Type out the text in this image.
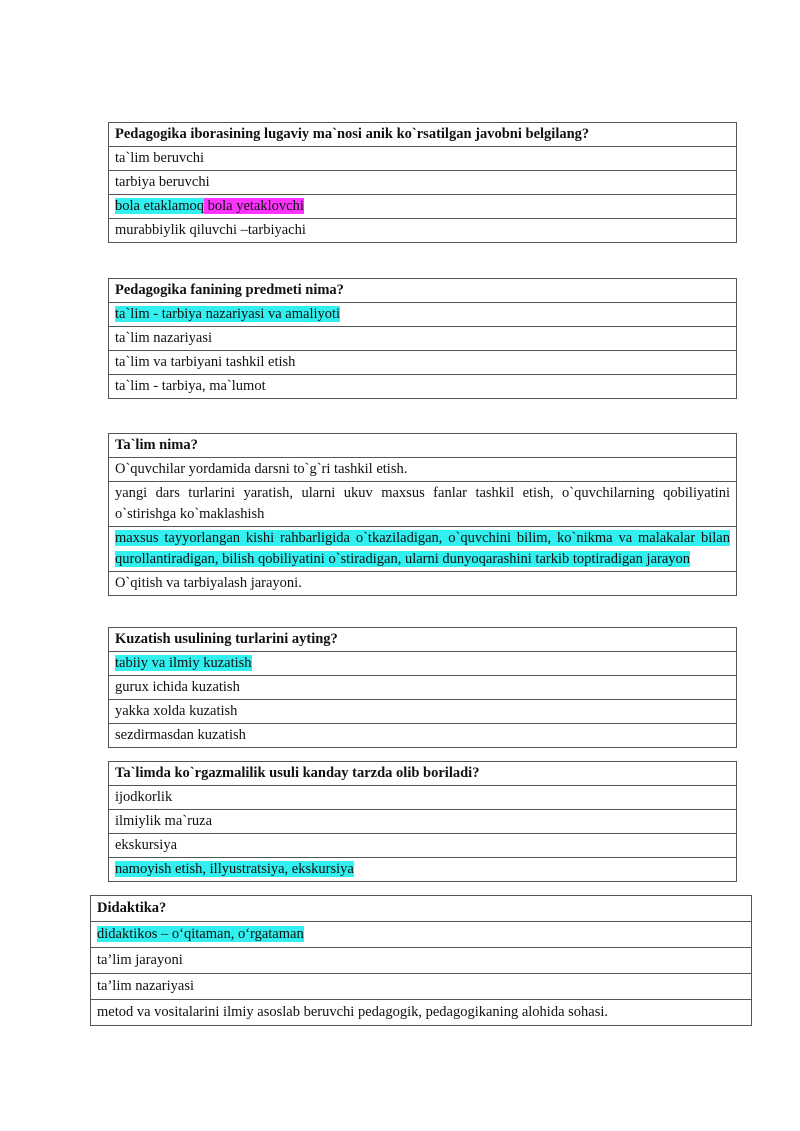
Pedagogika iborasining lugaviy ma`nosi anik ko`rsatilgan javobni belgilang?
ta`lim beruvchi
tarbiya beruvchi
bola etaklamoq bola yetaklovchi
murabbiylik qiluvchi –tarbiyachi
Pedagogika fanining predmeti nima?
ta`lim - tarbiya nazariyasi va amaliyoti
ta`lim nazariyasi
ta`lim va tarbiyani tashkil etish
ta`lim - tarbiya, ma`lumot
Ta`lim nima?
O`quvchilar yordamida darsni to`g`ri tashkil etish.
yangi dars turlarini yaratish, ularni ukuv maxsus fanlar tashkil etish, o`quvchilarning qobiliyatini o`stirishga ko`maklashish
maxsus tayyorlangan kishi rahbarligida o`tkaziladigan, o`quvchini bilim, ko`nikma va malakalar bilan qurollantiradigan, bilish qobiliyatini o`stiradigan, ularni dunyoqarashini tarkib toptiradigan jarayon
O`qitish va tarbiyalash jarayoni.
Kuzatish usulining turlarini ayting?
tabiiy va ilmiy kuzatish
gurux ichida kuzatish
yakka xolda kuzatish
sezdirmasdan kuzatish
Ta`limda ko`rgazmalilik usuli kanday tarzda olib boriladi?
ijodkorlik
ilmiylik ma`ruza
ekskursiya
namoyish etish, illyustratsiya, ekskursiya
Didaktika?
didaktikos – o‘qitaman, o‘rgataman
ta’lim jarayoni
ta’lim nazariyasi
metod va vositalarini ilmiy asoslab beruvchi pedagogik, pedagogikaning alohida sohasi.
